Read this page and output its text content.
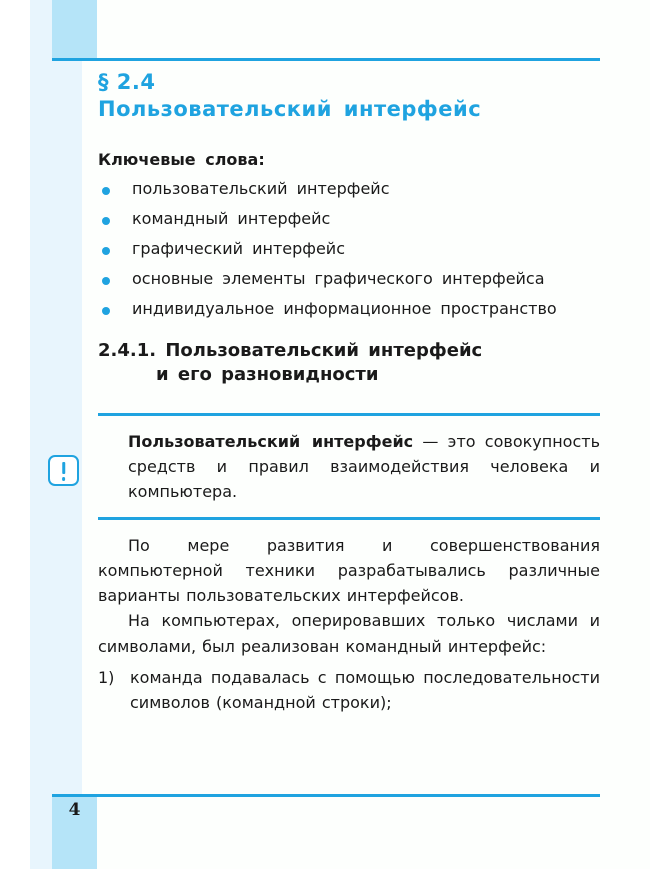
4
§ 2.4
Пользовательский интерфейс
Ключевые слова:
пользовательский интерфейс
командный интерфейс
графический интерфейс
основные элементы графического интерфейса
индивидуальное информационное пространство
2.4.1. Пользовательский интерфейс
и его разновидности

Пользовательский интерфейс — это совокупность средств и правил взаимодействия человека и компьютера.

По мере развития и совершенствования компьютерной техники разрабатывались различные варианты пользовательских интерфейсов.

На компьютерах, оперировавших только числами и символами, был реализован командный интерфейс:

1) команда подавалась с помощью последовательности символов (командной строки);
